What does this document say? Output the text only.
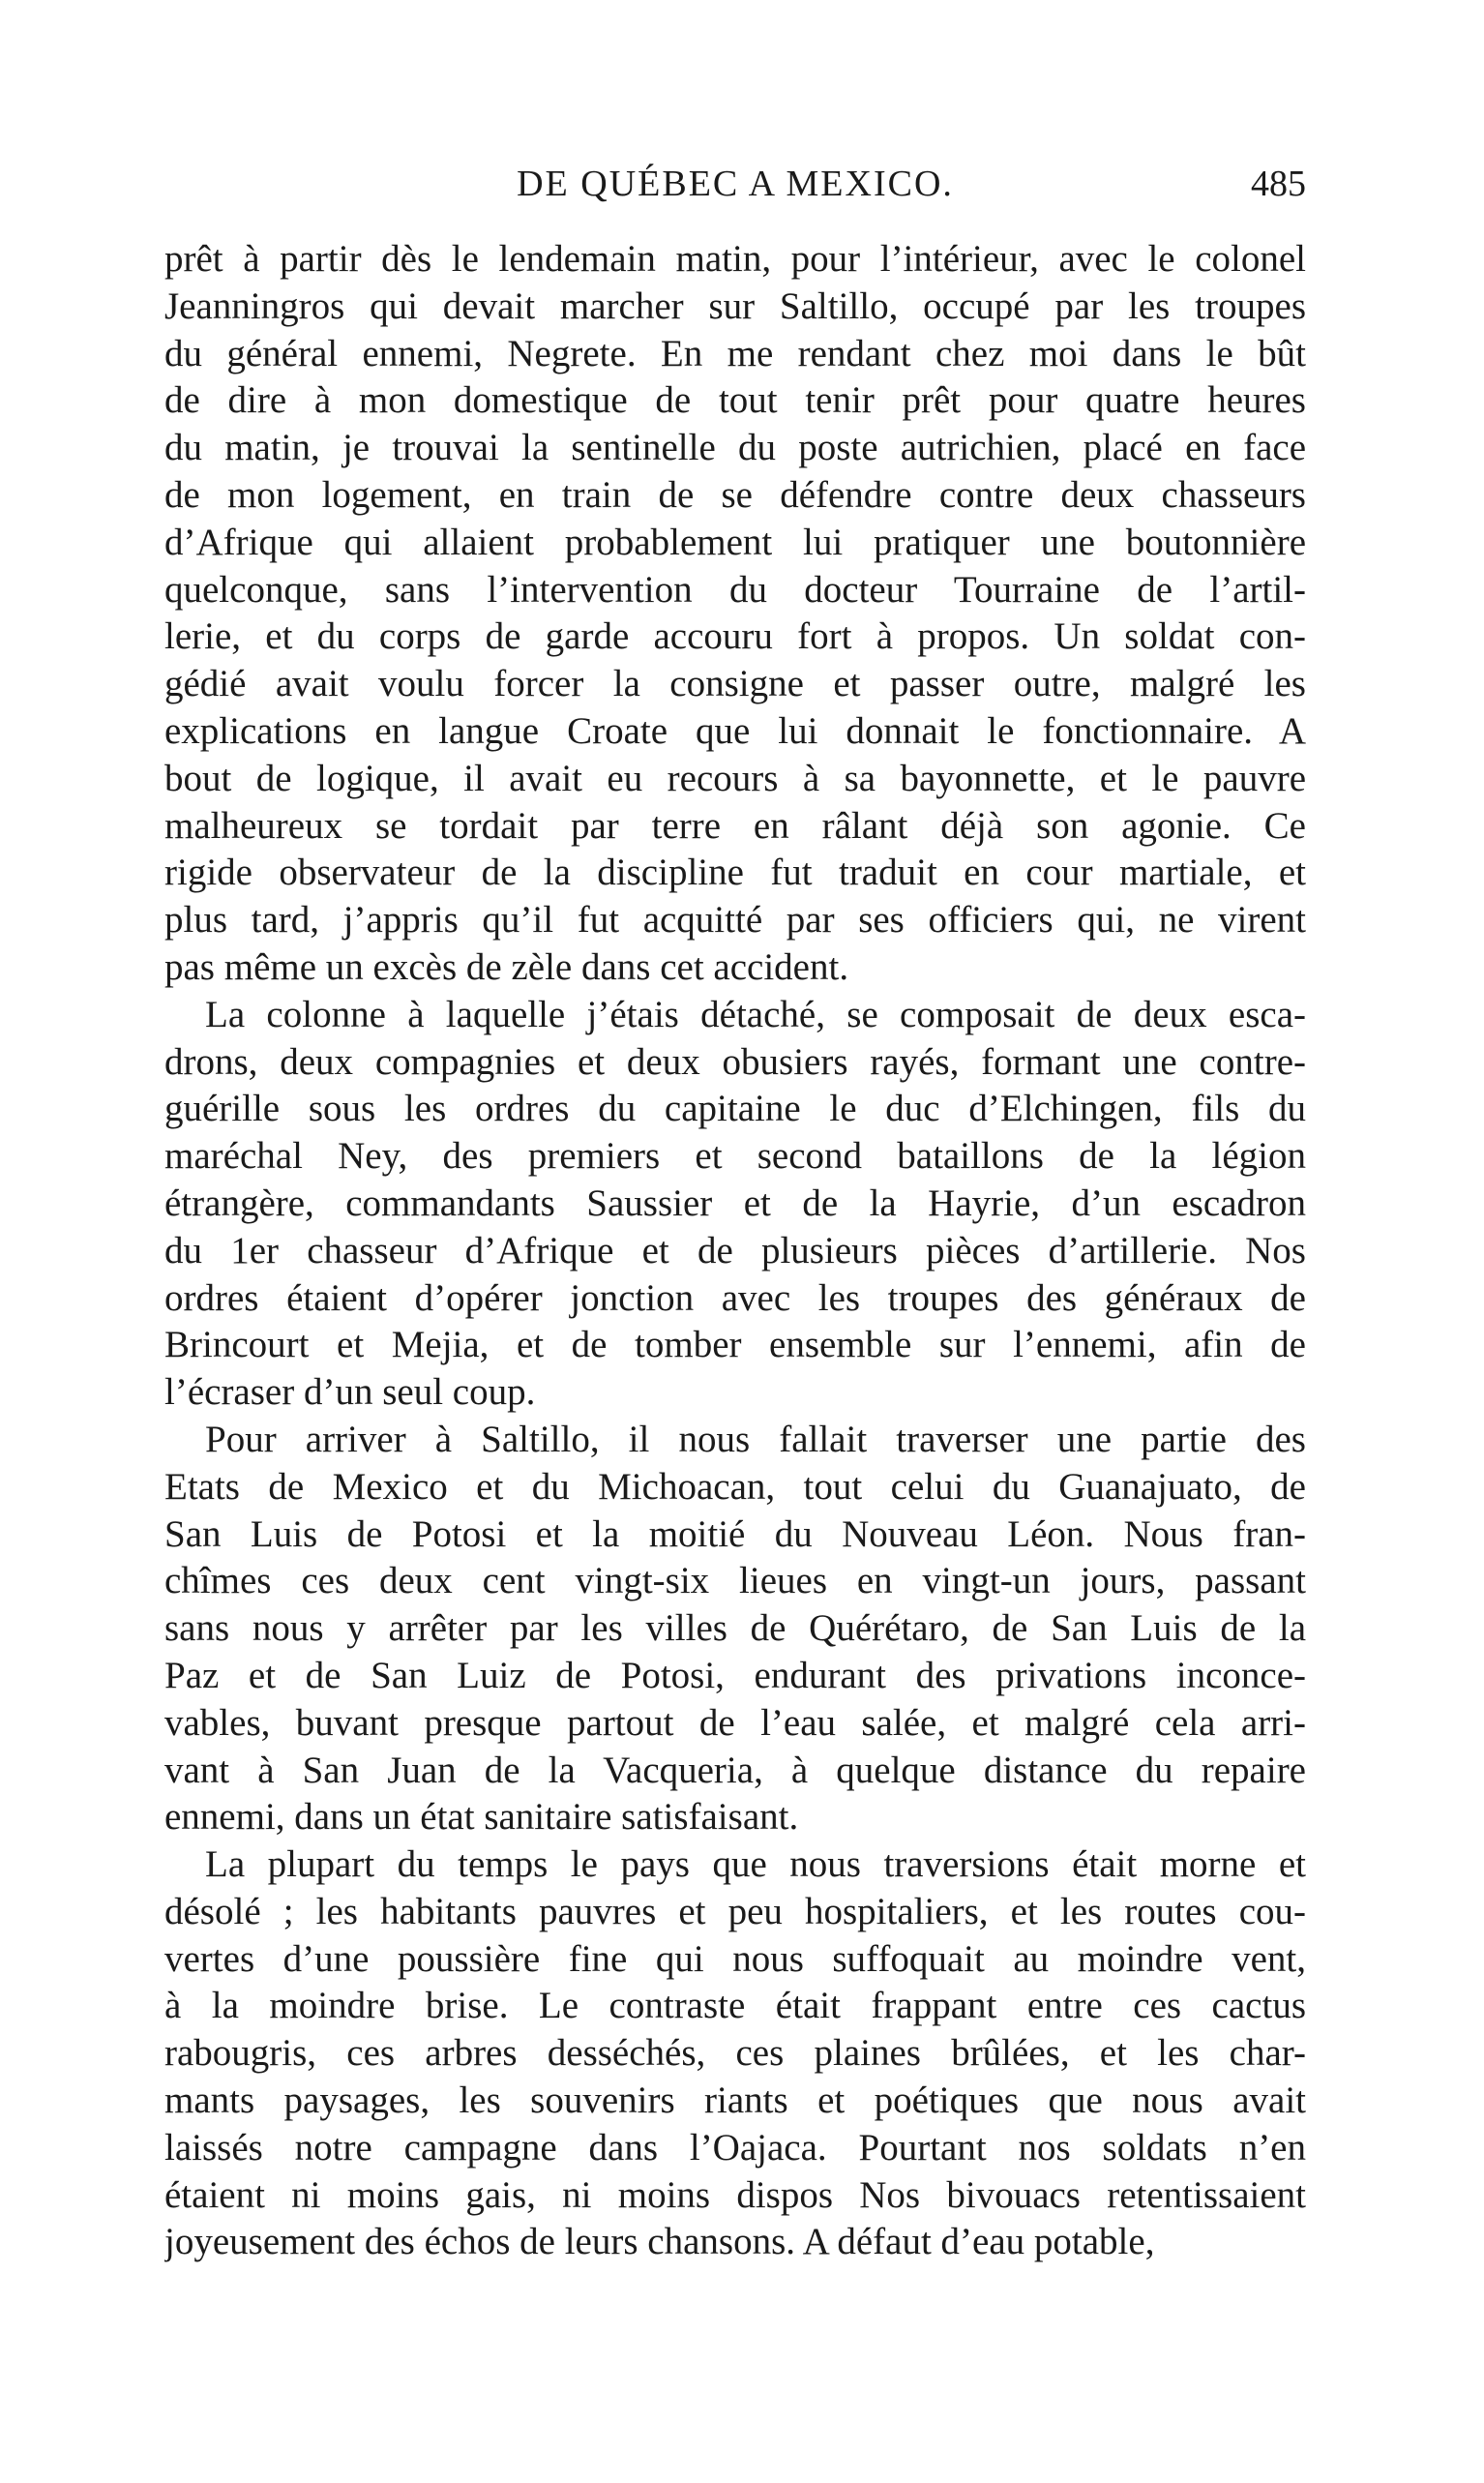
DE QUÉBEC A MEXICO.	485
prêt à partir dès le lendemain matin, pour l’intérieur, avec le colonel
Jeanningros qui devait marcher sur Saltillo, occupé par les troupes
du général ennemi, Negrete. En me rendant chez moi dans le bût
de dire à mon domestique de tout tenir prêt pour quatre heures
du matin, je trouvai la sentinelle du poste autrichien, placé en face
de mon logement, en train de se défendre contre deux chasseurs
d’Afrique qui allaient probablement lui pratiquer une boutonnière
quelconque, sans l’intervention du docteur Tourraine de l’artil-
lerie, et du corps de garde accouru fort à propos. Un soldat con-
gédié avait voulu forcer la consigne et passer outre, malgré les
explications en langue Croate que lui donnait le fonctionnaire. A
bout de logique, il avait eu recours à sa bayonnette, et le pauvre
malheureux se tordait par terre en râlant déjà son agonie. Ce
rigide observateur de la discipline fut traduit en cour martiale, et
plus tard, j’appris qu’il fut acquitté par ses officiers qui, ne virent
pas même un excès de zèle dans cet accident.
La colonne à laquelle j’étais détaché, se composait de deux esca-
drons, deux compagnies et deux obusiers rayés, formant une contre-
guérille sous les ordres du capitaine le duc d’Elchingen, fils du
maréchal Ney, des premiers et second bataillons de la légion
étrangère, commandants Saussier et de la Hayrie, d’un escadron
du 1er chasseur d’Afrique et de plusieurs pièces d’artillerie. Nos
ordres étaient d’opérer jonction avec les troupes des généraux de
Brincourt et Mejia, et de tomber ensemble sur l’ennemi, afin de
l’écraser d’un seul coup.
Pour arriver à Saltillo, il nous fallait traverser une partie des
Etats de Mexico et du Michoacan, tout celui du Guanajuato, de
San Luis de Potosi et la moitié du Nouveau Léon. Nous fran-
chîmes ces deux cent vingt-six lieues en vingt-un jours, passant
sans nous y arrêter par les villes de Quérétaro, de San Luis de la
Paz et de San Luiz de Potosi, endurant des privations inconce-
vables, buvant presque partout de l’eau salée, et malgré cela arri-
vant à San Juan de la Vacqueria, à quelque distance du repaire
ennemi, dans un état sanitaire satisfaisant.
La plupart du temps le pays que nous traversions était morne et
désolé ; les habitants pauvres et peu hospitaliers, et les routes cou-
vertes d’une poussière fine qui nous suffoquait au moindre vent,
à la moindre brise. Le contraste était frappant entre ces cactus
rabougris, ces arbres desséchés, ces plaines brûlées, et les char-
mants paysages, les souvenirs riants et poétiques que nous avait
laissés notre campagne dans l’Oajaca. Pourtant nos soldats n’en
étaient ni moins gais, ni moins dispos Nos bivouacs retentissaient
joyeusement des échos de leurs chansons. A défaut d’eau potable,
